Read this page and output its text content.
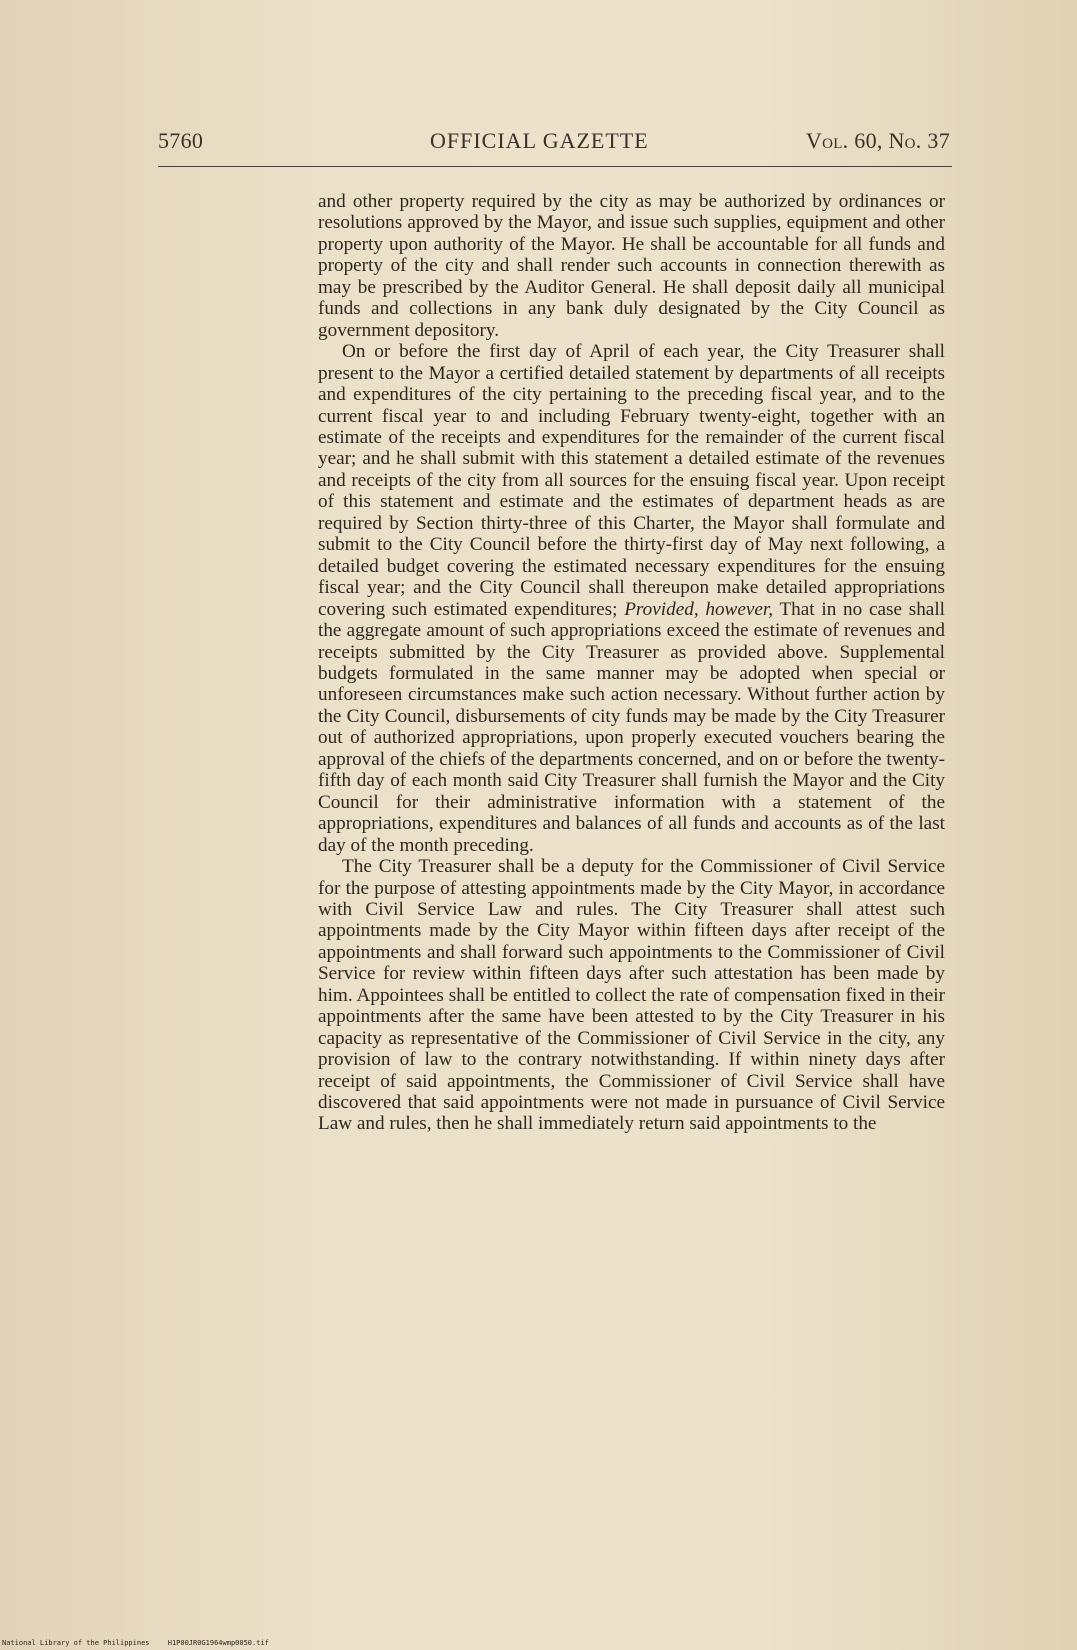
5760	OFFICIAL GAZETTE	Vol. 60, No. 37

and other property required by the city as may be authorized by ordinances or resolutions approved by the Mayor, and issue such supplies, equipment and other property upon authority of the Mayor. He shall be accountable for all funds and property of the city and shall render such accounts in connection therewith as may be prescribed by the Auditor General. He shall deposit daily all municipal funds and collections in any bank duly designated by the City Council as government depository.

On or before the first day of April of each year, the City Treasurer shall present to the Mayor a certified detailed statement by departments of all receipts and expenditures of the city pertaining to the preceding fiscal year, and to the current fiscal year to and including February twenty-eight, together with an estimate of the receipts and expenditures for the remainder of the current fiscal year; and he shall submit with this statement a detailed estimate of the revenues and receipts of the city from all sources for the ensuing fiscal year. Upon receipt of this statement and estimate and the estimates of department heads as are required by Section thirty-three of this Charter, the Mayor shall formulate and submit to the City Council before the thirty-first day of May next following, a detailed budget covering the estimated necessary expenditures for the ensuing fiscal year; and the City Council shall thereupon make detailed appropriations covering such estimated expenditures; Provided, however, That in no case shall the aggregate amount of such appropriations exceed the estimate of revenues and receipts submitted by the City Treasurer as provided above. Supplemental budgets formulated in the same manner may be adopted when special or unforeseen circumstances make such action necessary. Without further action by the City Council, disbursements of city funds may be made by the City Treasurer out of authorized appropriations, upon properly executed vouchers bearing the approval of the chiefs of the departments concerned, and on or before the twenty-fifth day of each month said City Treasurer shall furnish the Mayor and the City Council for their administrative information with a statement of the appropriations, expenditures and balances of all funds and accounts as of the last day of the month preceding.

The City Treasurer shall be a deputy for the Commissioner of Civil Service for the purpose of attesting appointments made by the City Mayor, in accordance with Civil Service Law and rules. The City Treasurer shall attest such appointments made by the City Mayor within fifteen days after receipt of the appointments and shall forward such appointments to the Commissioner of Civil Service for review within fifteen days after such attestation has been made by him. Appointees shall be entitled to collect the rate of compensation fixed in their appointments after the same have been attested to by the City Treasurer in his capacity as representative of the Commissioner of Civil Service in the city, any provision of law to the contrary notwithstanding. If within ninety days after receipt of said appointments, the Commissioner of Civil Service shall have discovered that said appointments were not made in pursuance of Civil Service Law and rules, then he shall immediately return said appointments to the

National Library of the Philippines	H1P00JR0G1964wmp0050.tif
